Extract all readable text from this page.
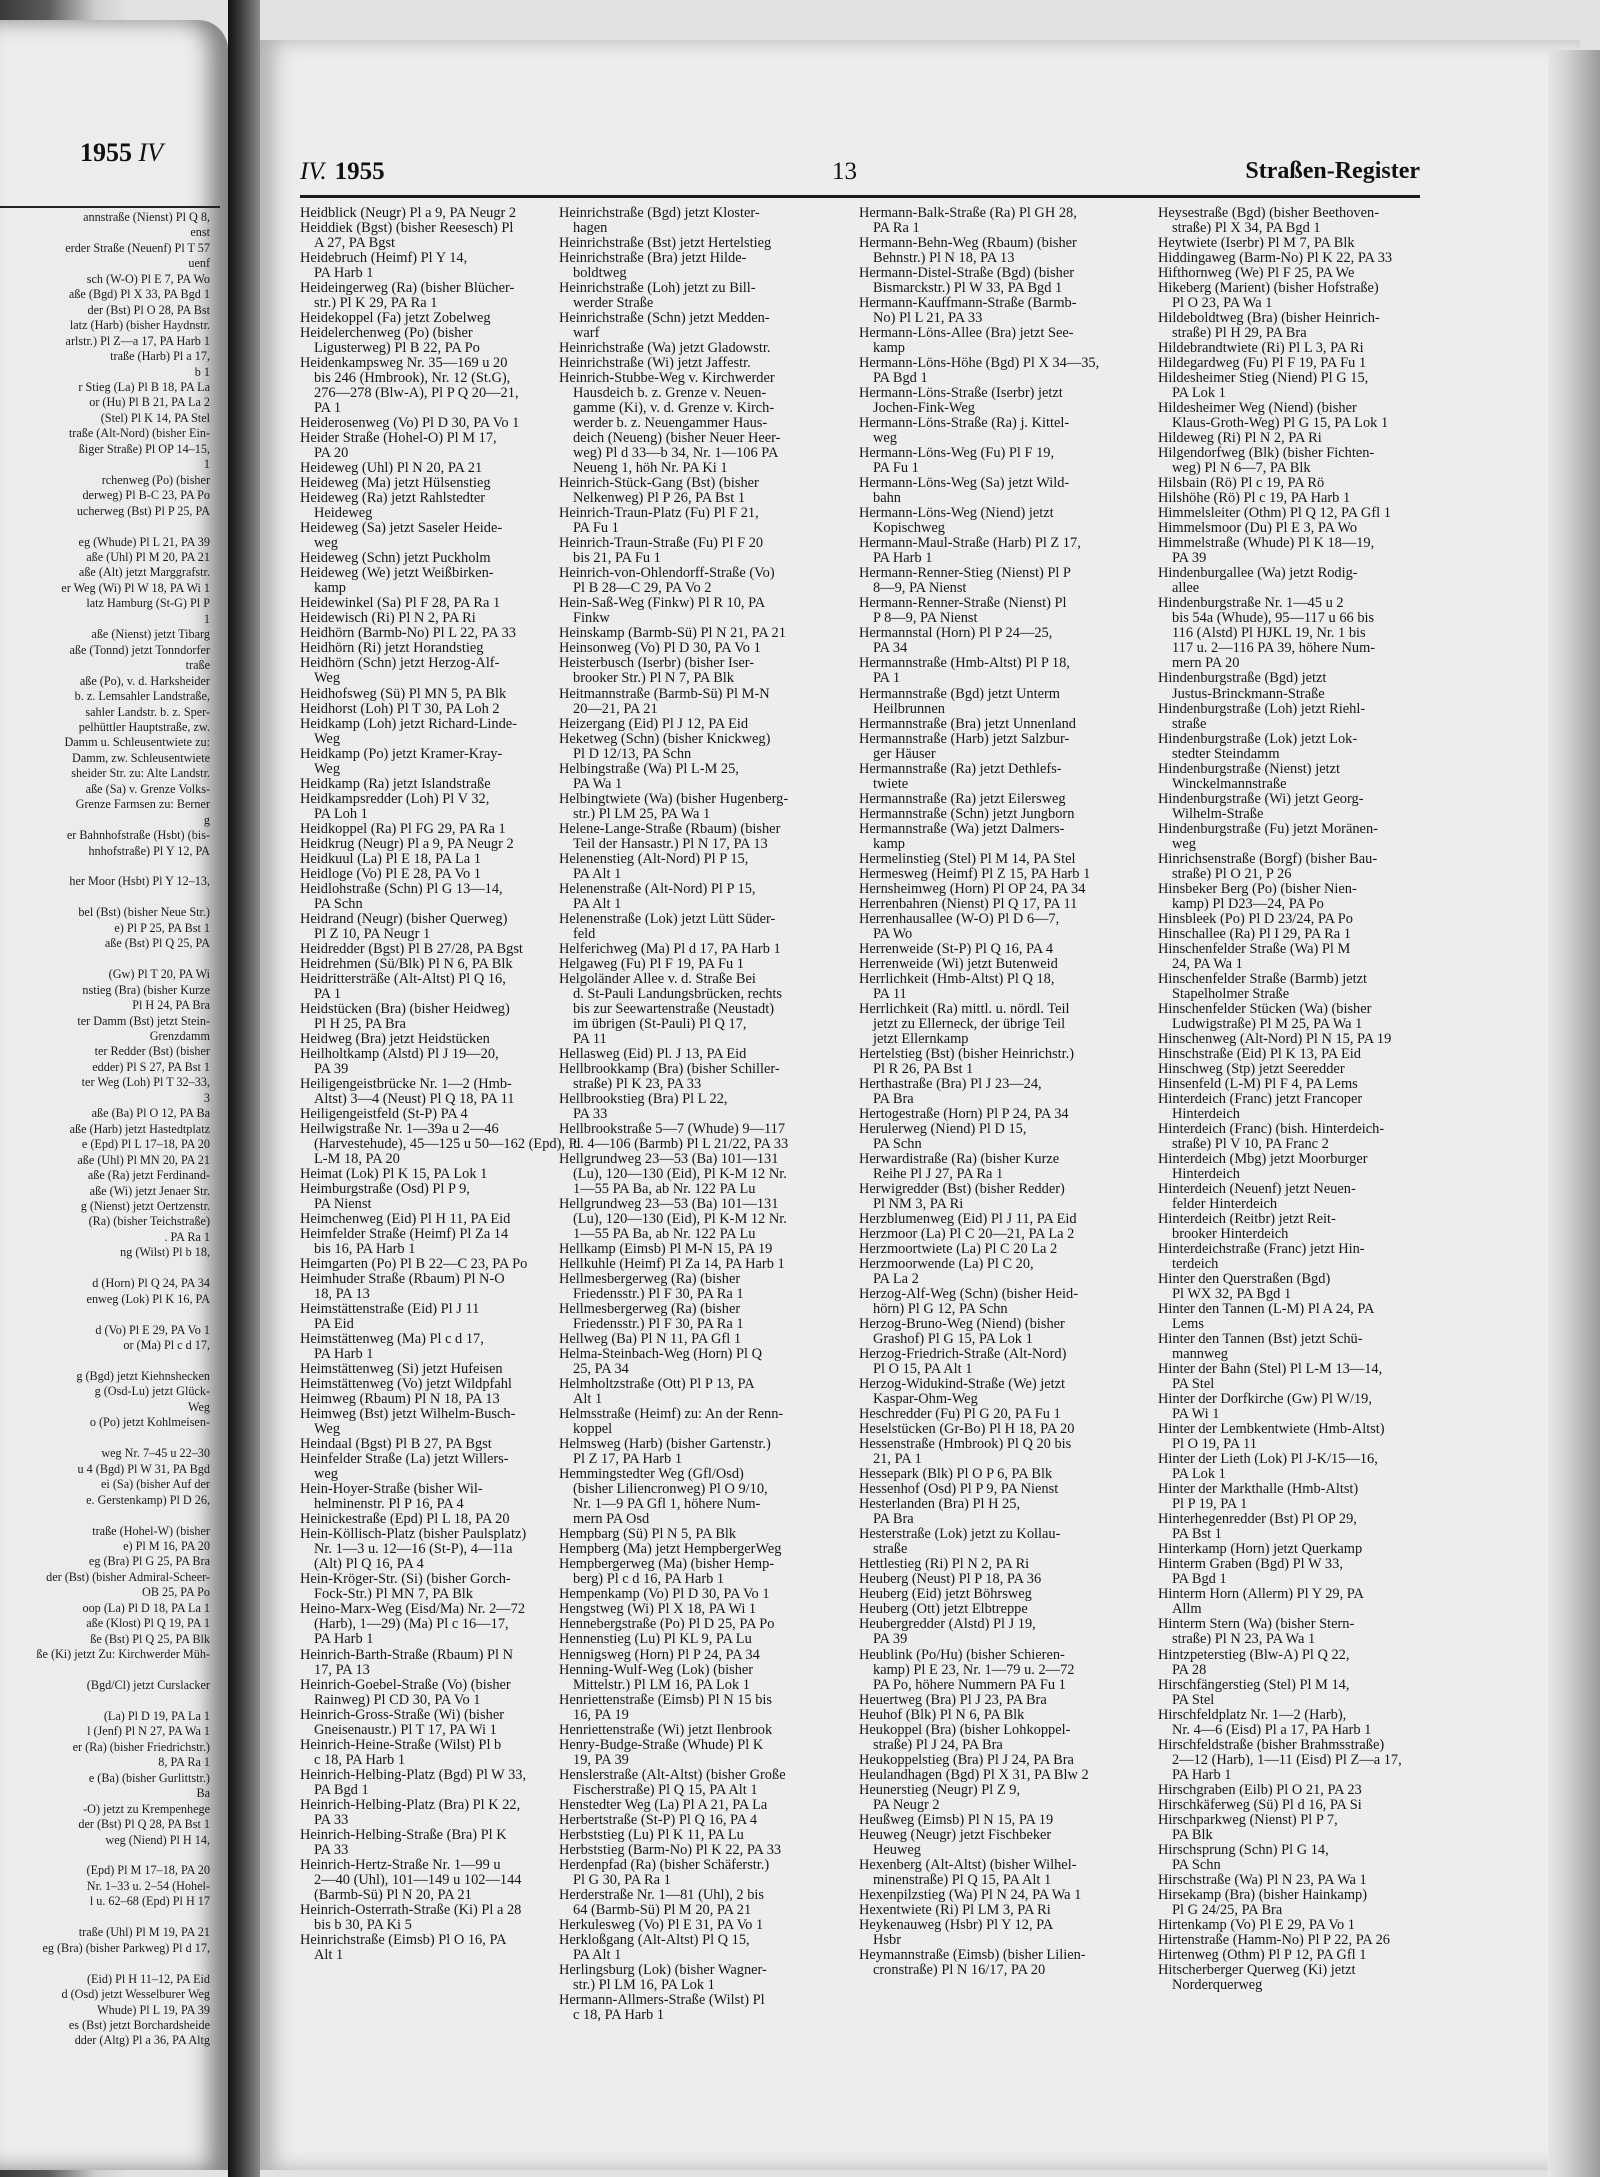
1955 IV
annstraße (Nienst) Pl Q 8,
enst
erder Straße (Neuenf) Pl T 57
uenf
sch (W-O) Pl E 7, PA Wo
aße (Bgd) Pl X 33, PA Bgd 1
der (Bst) Pl O 28, PA Bst
latz (Harb) (bisher Haydnstr.
arlstr.) Pl Z—a 17, PA Harb 1
traße (Harb) Pl a 17,
b 1
r Stieg (La) Pl B 18, PA La
or (Hu) Pl B 21, PA La 2
(Stel) Pl K 14, PA Stel
traße (Alt-Nord) (bisher Ein-
ßiger Straße) Pl OP 14–15,
1
rchenweg (Po) (bisher
derweg) Pl B-C 23, PA Po
ucherweg (Bst) Pl P 25, PA

eg (Whude) Pl L 21, PA 39
aße (Uhl) Pl M 20, PA 21
aße (Alt) jetzt Marggrafstr.
er Weg (Wi) Pl W 18, PA Wi 1
latz Hamburg (St-G) Pl P
1
aße (Nienst) jetzt Tibarg
aße (Tonnd) jetzt Tonndorfer
traße
aße (Po), v. d. Harksheider
b. z. Lemsahler Landstraße,
sahler Landstr. b. z. Sper-
pelhüttler Hauptstraße, zw.
Damm u. Schleusentwiete zu:
Damm, zw. Schleusentwiete
sheider Str. zu: Alte Landstr.
aße (Sa) v. Grenze Volks-
Grenze Farmsen zu: Berner
g
er Bahnhofstraße (Hsbt) (bis-
hnhofstraße) Pl Y 12, PA

her Moor (Hsbt) Pl Y 12–13,

bel (Bst) (bisher Neue Str.)
e) Pl P 25, PA Bst 1
aße (Bst) Pl Q 25, PA

(Gw) Pl T 20, PA Wi
nstieg (Bra) (bisher Kurze
Pl H 24, PA Bra
ter Damm (Bst) jetzt Stein-
Grenzdamm
ter Redder (Bst) (bisher
edder) Pl S 27, PA Bst 1
ter Weg (Loh) Pl T 32–33,
3
aße (Ba) Pl O 12, PA Ba
aße (Harb) jetzt Hastedtplatz
e (Epd) Pl L 17–18, PA 20
aße (Uhl) Pl MN 20, PA 21
aße (Ra) jetzt Ferdinand-
aße (Wi) jetzt Jenaer Str.
g (Nienst) jetzt Oertzenstr.
(Ra) (bisher Teichstraße)
. PA Ra 1
ng (Wilst) Pl b 18,

d (Horn) Pl Q 24, PA 34
enweg (Lok) Pl K 16, PA

d (Vo) Pl E 29, PA Vo 1
or (Ma) Pl c d 17,

g (Bgd) jetzt Kiehnshecken
g (Osd-Lu) jetzt Glück-
Weg
o (Po) jetzt Kohlmeisen-

weg Nr. 7–45 u 22–30
u 4 (Bgd) Pl W 31, PA Bgd
ei (Sa) (bisher Auf der
e. Gerstenkamp) Pl D 26,

traße (Hohel-W) (bisher
e) Pl M 16, PA 20
eg (Bra) Pl G 25, PA Bra
der (Bst) (bisher Admiral-Scheer-
OB 25, PA Po
oop (La) Pl D 18, PA La 1
aße (Klost) Pl Q 19, PA 1
ße (Bst) Pl Q 25, PA Blk
ße (Ki) jetzt Zu: Kirchwerder Müh-

(Bgd/Cl) jetzt Curslacker

(La) Pl D 19, PA La 1
l (Jenf) Pl N 27, PA Wa 1
er (Ra) (bisher Friedrichstr.)
8, PA Ra 1
e (Ba) (bisher Gurlittstr.)
Ba
-O) jetzt zu Krempenhege
der (Bst) Pl Q 28, PA Bst 1
weg (Niend) Pl H 14,

(Epd) Pl M 17–18, PA 20
Nr. 1–33 u. 2–54 (Hohel-
l u. 62–68 (Epd) Pl H 17

traße (Uhl) Pl M 19, PA 21
eg (Bra) (bisher Parkweg) Pl d 17,

(Eid) Pl H 11–12, PA Eid
d (Osd) jetzt Wesselburer Weg
Whude) Pl L 19, PA 39
es (Bst) jetzt Borchardsheide
dder (Altg) Pl a 36, PA Altg
IV. 1955	13	Straßen-Register
Heidblick (Neugr) Pl a 9, PA Neugr 2
Heiddiek (Bgst) (bisher Reesesch) Pl
A 27, PA Bgst
Heidebruch (Heimf) Pl Y 14,
PA Harb 1
Heideingerweg (Ra) (bisher Blücher-
str.) Pl K 29, PA Ra 1
Heidekoppel (Fa) jetzt Zobelweg
Heidelerchenweg (Po) (bisher
Ligusterweg) Pl B 22, PA Po
Heidenkampsweg Nr. 35—169 u 20
bis 246 (Hmbrook), Nr. 12 (St.G),
276—278 (Blw-A), Pl P Q 20—21,
PA 1
Heiderosenweg (Vo) Pl D 30, PA Vo 1
Heider Straße (Hohel-O) Pl M 17,
PA 20
Heideweg (Uhl) Pl N 20, PA 21
Heideweg (Ma) jetzt Hülsenstieg
Heideweg (Ra) jetzt Rahlstedter
Heideweg
Heideweg (Sa) jetzt Saseler Heide-
weg
Heideweg (Schn) jetzt Puckholm
Heideweg (We) jetzt Weißbirken-
kamp
Heidewinkel (Sa) Pl F 28, PA Ra 1
Heidewisch (Ri) Pl N 2, PA Ri
Heidhörn (Barmb-No) Pl L 22, PA 33
Heidhörn (Ri) jetzt Horandstieg
Heidhörn (Schn) jetzt Herzog-Alf-
Weg
Heidhofsweg (Sü) Pl MN 5, PA Blk
Heidhorst (Loh) Pl T 30, PA Loh 2
Heidkamp (Loh) jetzt Richard-Linde-
Weg
Heidkamp (Po) jetzt Kramer-Kray-
Weg
Heidkamp (Ra) jetzt Islandstraße
Heidkampsredder (Loh) Pl V 32,
PA Loh 1
Heidkoppel (Ra) Pl FG 29, PA Ra 1
Heidkrug (Neugr) Pl a 9, PA Neugr 2
Heidkuul (La) Pl E 18, PA La 1
Heidloge (Vo) Pl E 28, PA Vo 1
Heidlohstraße (Schn) Pl G 13—14,
PA Schn
Heidrand (Neugr) (bisher Querweg)
Pl Z 10, PA Neugr 1
Heidredder (Bgst) Pl B 27/28, PA Bgst
Heidrehmen (Sü/Blk) Pl N 6, PA Blk
Heidrittersträße (Alt-Altst) Pl Q 16,
PA 1
Heidstücken (Bra) (bisher Heidweg)
Pl H 25, PA Bra
Heidweg (Bra) jetzt Heidstücken
Heilholtkamp (Alstd) Pl J 19—20,
PA 39
Heiligengeistbrücke Nr. 1—2 (Hmb-
Altst) 3—4 (Neust) Pl Q 18, PA 11
Heiligengeistfeld (St-P) PA 4
Heilwigstraße Nr. 1—39a u 2—46
(Harvestehude), 45—125 u 50—162 (Epd), Pl
L-M 18, PA 20
Heimat (Lok) Pl K 15, PA Lok 1
Heimburgstraße (Osd) Pl P 9,
PA Nienst
Heimchenweg (Eid) Pl H 11, PA Eid
Heimfelder Straße (Heimf) Pl Za 14
bis 16, PA Harb 1
Heimgarten (Po) Pl B 22—C 23, PA Po
Heimhuder Straße (Rbaum) Pl N-O
18, PA 13
Heimstättenstraße (Eid) Pl J 11
PA Eid
Heimstättenweg (Ma) Pl c d 17,
PA Harb 1
Heimstättenweg (Si) jetzt Hufeisen
Heimstättenweg (Vo) jetzt Wildpfahl
Heimweg (Rbaum) Pl N 18, PA 13
Heimweg (Bst) jetzt Wilhelm-Busch-
Weg
Heindaal (Bgst) Pl B 27, PA Bgst
Heinfelder Straße (La) jetzt Willers-
weg
Hein-Hoyer-Straße (bisher Wil-
helminenstr. Pl P 16, PA 4
Heinickestraße (Epd) Pl L 18, PA 20
Hein-Köllisch-Platz (bisher Paulsplatz)
Nr. 1—3 u. 12—16 (St-P), 4—11a
(Alt) Pl Q 16, PA 4
Hein-Kröger-Str. (Si) (bisher Gorch-
Fock-Str.) Pl MN 7, PA Blk
Heino-Marx-Weg (Eisd/Ma) Nr. 2—72
(Harb), 1—29) (Ma) Pl c 16—17,
PA Harb 1
Heinrich-Barth-Straße (Rbaum) Pl N
17, PA 13
Heinrich-Goebel-Straße (Vo) (bisher
Rainweg) Pl CD 30, PA Vo 1
Heinrich-Gross-Straße (Wi) (bisher
Gneisenaustr.) Pl T 17, PA Wi 1
Heinrich-Heine-Straße (Wilst) Pl b
c 18, PA Harb 1
Heinrich-Helbing-Platz (Bgd) Pl W 33,
PA Bgd 1
Heinrich-Helbing-Platz (Bra) Pl K 22,
PA 33
Heinrich-Helbing-Straße (Bra) Pl K
PA 33
Heinrich-Hertz-Straße Nr. 1—99 u
2—40 (Uhl), 101—149 u 102—144
(Barmb-Sü) Pl N 20, PA 21
Heinrich-Osterrath-Straße (Ki) Pl a 28
bis b 30, PA Ki 5
Heinrichstraße (Eimsb) Pl O 16, PA
Alt 1
Heinrichstraße (Bgd) jetzt Kloster-
hagen
Heinrichstraße (Bst) jetzt Hertelstieg
Heinrichstraße (Bra) jetzt Hilde-
boldtweg
Heinrichstraße (Loh) jetzt zu Bill-
werder Straße
Heinrichstraße (Schn) jetzt Medden-
warf
Heinrichstraße (Wa) jetzt Gladowstr.
Heinrichstraße (Wi) jetzt Jaffestr.
Heinrich-Stubbe-Weg v. Kirchwerder
Hausdeich b. z. Grenze v. Neuen-
gamme (Ki), v. d. Grenze v. Kirch-
werder b. z. Neuengammer Haus-
deich (Neueng) (bisher Neuer Heer-
weg) Pl d 33—b 34, Nr. 1—106 PA
Neueng 1, höh Nr. PA Ki 1
Heinrich-Stück-Gang (Bst) (bisher
Nelkenweg) Pl P 26, PA Bst 1
Heinrich-Traun-Platz (Fu) Pl F 21,
PA Fu 1
Heinrich-Traun-Straße (Fu) Pl F 20
bis 21, PA Fu 1
Heinrich-von-Ohlendorff-Straße (Vo)
Pl B 28—C 29, PA Vo 2
Hein-Saß-Weg (Finkw) Pl R 10, PA
Finkw
Heinskamp (Barmb-Sü) Pl N 21, PA 21
Heinsonweg (Vo) Pl D 30, PA Vo 1
Heisterbusch (Iserbr) (bisher Iser-
brooker Str.) Pl N 7, PA Blk
Heitmannstraße (Barmb-Sü) Pl M-N
20—21, PA 21
Heizergang (Eid) Pl J 12, PA Eid
Heketweg (Schn) (bisher Knickweg)
Pl D 12/13, PA Schn
Helbingstraße (Wa) Pl L-M 25,
PA Wa 1
Helbingtwiete (Wa) (bisher Hugenberg-
str.) Pl LM 25, PA Wa 1
Helene-Lange-Straße (Rbaum) (bisher
Teil der Hansastr.) Pl N 17, PA 13
Helenenstieg (Alt-Nord) Pl P 15,
PA Alt 1
Helenenstraße (Alt-Nord) Pl P 15,
PA Alt 1
Helenenstraße (Lok) jetzt Lütt Süder-
feld
Helferichweg (Ma) Pl d 17, PA Harb 1
Helgaweg (Fu) Pl F 19, PA Fu 1
Helgoländer Allee v. d. Straße Bei
d. St-Pauli Landungsbrücken, rechts
bis zur Seewartenstraße (Neustadt)
im übrigen (St-Pauli) Pl Q 17,
PA 11
Hellasweg (Eid) Pl. J 13, PA Eid
Hellbrookkamp (Bra) (bisher Schiller-
straße) Pl K 23, PA 33
Hellbrookstieg (Bra) Pl L 22,
PA 33
Hellbrookstraße 5—7 (Whude) 9—117
u. 4—106 (Barmb) Pl L 21/22, PA 33
Hellgrundweg 23—53 (Ba) 101—131
(Lu), 120—130 (Eid), Pl K-M 12 Nr.
1—55 PA Ba, ab Nr. 122 PA Lu
Hellgrundweg 23—53 (Ba) 101—131
(Lu), 120—130 (Eid), Pl K-M 12 Nr.
1—55 PA Ba, ab Nr. 122 PA Lu
Hellkamp (Eimsb) Pl M-N 15, PA 19
Hellkuhle (Heimf) Pl Za 14, PA Harb 1
Hellmesbergerweg (Ra) (bisher
Friedensstr.) Pl F 30, PA Ra 1
Hellmesbergerweg (Ra) (bisher
Friedensstr.) Pl F 30, PA Ra 1
Hellweg (Ba) Pl N 11, PA Gfl 1
Helma-Steinbach-Weg (Horn) Pl Q
25, PA 34
Helmholtzstraße (Ott) Pl P 13, PA
Alt 1
Helmsstraße (Heimf) zu: An der Renn-
koppel
Helmsweg (Harb) (bisher Gartenstr.)
Pl Z 17, PA Harb 1
Hemmingstedter Weg (Gfl/Osd)
(bisher Liliencronweg) Pl O 9/10,
Nr. 1—9 PA Gfl 1, höhere Num-
mern PA Osd
Hempbarg (Sü) Pl N 5, PA Blk
Hempberg (Ma) jetzt HempbergerWeg
Hempbergerweg (Ma) (bisher Hemp-
berg) Pl c d 16, PA Harb 1
Hempenkamp (Vo) Pl D 30, PA Vo 1
Hengstweg (Wi) Pl X 18, PA Wi 1
Hennebergstraße (Po) Pl D 25, PA Po
Hennenstieg (Lu) Pl KL 9, PA Lu
Hennigsweg (Horn) Pl P 24, PA 34
Henning-Wulf-Weg (Lok) (bisher
Mittelstr.) Pl LM 16, PA Lok 1
Henriettenstraße (Eimsb) Pl N 15 bis
16, PA 19
Henriettenstraße (Wi) jetzt Ilenbrook
Henry-Budge-Straße (Whude) Pl K
19, PA 39
Henslerstraße (Alt-Altst) (bisher Große
Fischerstraße) Pl Q 15, PA Alt 1
Henstedter Weg (La) Pl A 21, PA La
Herbertstraße (St-P) Pl Q 16, PA 4
Herbststieg (Lu) Pl K 11, PA Lu
Herbststieg (Barm-No) Pl K 22, PA 33
Herdenpfad (Ra) (bisher Schäferstr.)
Pl G 30, PA Ra 1
Herderstraße Nr. 1—81 (Uhl), 2 bis
64 (Barmb-Sü) Pl M 20, PA 21
Herkulesweg (Vo) Pl E 31, PA Vo 1
Herkloßgang (Alt-Altst) Pl Q 15,
PA Alt 1
Herlingsburg (Lok) (bisher Wagner-
str.) Pl LM 16, PA Lok 1
Hermann-Allmers-Straße (Wilst) Pl
c 18, PA Harb 1
Hermann-Balk-Straße (Ra) Pl GH 28,
PA Ra 1
Hermann-Behn-Weg (Rbaum) (bisher
Behnstr.) Pl N 18, PA 13
Hermann-Distel-Straße (Bgd) (bisher
Bismarckstr.) Pl W 33, PA Bgd 1
Hermann-Kauffmann-Straße (Barmb-
No) Pl L 21, PA 33
Hermann-Löns-Allee (Bra) jetzt See-
kamp
Hermann-Löns-Höhe (Bgd) Pl X 34—35,
PA Bgd 1
Hermann-Löns-Straße (Iserbr) jetzt
Jochen-Fink-Weg
Hermann-Löns-Straße (Ra) j. Kittel-
weg
Hermann-Löns-Weg (Fu) Pl F 19,
PA Fu 1
Hermann-Löns-Weg (Sa) jetzt Wild-
bahn
Hermann-Löns-Weg (Niend) jetzt
Kopischweg
Hermann-Maul-Straße (Harb) Pl Z 17,
PA Harb 1
Hermann-Renner-Stieg (Nienst) Pl P
8—9, PA Nienst
Hermann-Renner-Straße (Nienst) Pl
P 8—9, PA Nienst
Hermannstal (Horn) Pl P 24—25,
PA 34
Hermannstraße (Hmb-Altst) Pl P 18,
PA 1
Hermannstraße (Bgd) jetzt Unterm
Heilbrunnen
Hermannstraße (Bra) jetzt Unnenland
Hermannstraße (Harb) jetzt Salzbur-
ger Häuser
Hermannstraße (Ra) jetzt Dethlefs-
twiete
Hermannstraße (Ra) jetzt Eilersweg
Hermannstraße (Schn) jetzt Jungborn
Hermannstraße (Wa) jetzt Dalmers-
kamp
Hermelinstieg (Stel) Pl M 14, PA Stel
Hermesweg (Heimf) Pl Z 15, PA Harb 1
Hernsheimweg (Horn) Pl OP 24, PA 34
Herrenbahren (Nienst) Pl Q 17, PA 11
Herrenhausallee (W-O) Pl D 6—7,
PA Wo
Herrenweide (St-P) Pl Q 16, PA 4
Herrenweide (Wi) jetzt Butenweid
Herrlichkeit (Hmb-Altst) Pl Q 18,
PA 11
Herrlichkeit (Ra) mittl. u. nördl. Teil
jetzt zu Ellerneck, der übrige Teil
jetzt Ellernkamp
Hertelstieg (Bst) (bisher Heinrichstr.)
Pl R 26, PA Bst 1
Herthastraße (Bra) Pl J 23—24,
PA Bra
Hertogestraße (Horn) Pl P 24, PA 34
Herulerweg (Niend) Pl D 15,
PA Schn
Herwardistraße (Ra) (bisher Kurze
Reihe Pl J 27, PA Ra 1
Herwigredder (Bst) (bisher Redder)
Pl NM 3, PA Ri
Herzblumenweg (Eid) Pl J 11, PA Eid
Herzmoor (La) Pl C 20—21, PA La 2
Herzmoortwiete (La) Pl C 20 La 2
Herzmoorwende (La) Pl C 20,
PA La 2
Herzog-Alf-Weg (Schn) (bisher Heid-
hörn) Pl G 12, PA Schn
Herzog-Bruno-Weg (Niend) (bisher
Grashof) Pl G 15, PA Lok 1
Herzog-Friedrich-Straße (Alt-Nord)
Pl O 15, PA Alt 1
Herzog-Widukind-Straße (We) jetzt
Kaspar-Ohm-Weg
Heschredder (Fu) Pl G 20, PA Fu 1
Heselstücken (Gr-Bo) Pl H 18, PA 20
Hessenstraße (Hmbrook) Pl Q 20 bis
21, PA 1
Hessepark (Blk) Pl O P 6, PA Blk
Hessenhof (Osd) Pl P 9, PA Nienst
Hesterlanden (Bra) Pl H 25,
PA Bra
Hesterstraße (Lok) jetzt zu Kollau-
straße
Hettlestieg (Ri) Pl N 2, PA Ri
Heuberg (Neust) Pl P 18, PA 36
Heuberg (Eid) jetzt Böhrsweg
Heuberg (Ott) jetzt Elbtreppe
Heubergredder (Alstd) Pl J 19,
PA 39
Heublink (Po/Hu) (bisher Schieren-
kamp) Pl E 23, Nr. 1—79 u. 2—72
PA Po, höhere Nummern PA Fu 1
Heuertweg (Bra) Pl J 23, PA Bra
Heuhof (Blk) Pl N 6, PA Blk
Heukoppel (Bra) (bisher Lohkoppel-
straße) Pl J 24, PA Bra
Heukoppelstieg (Bra) Pl J 24, PA Bra
Heulandhagen (Bgd) Pl X 31, PA Blw 2
Heunerstieg (Neugr) Pl Z 9,
PA Neugr 2
Heußweg (Eimsb) Pl N 15, PA 19
Heuweg (Neugr) jetzt Fischbeker
Heuweg
Hexenberg (Alt-Altst) (bisher Wilhel-
minenstraße) Pl Q 15, PA Alt 1
Hexenpilzstieg (Wa) Pl N 24, PA Wa 1
Hexentwiete (Ri) Pl LM 3, PA Ri
Heykenauweg (Hsbr) Pl Y 12, PA
Hsbr
Heymannstraße (Eimsb) (bisher Lilien-
cronstraße) Pl N 16/17, PA 20
Heysestraße (Bgd) (bisher Beethoven-
straße) Pl X 34, PA Bgd 1
Heytwiete (Iserbr) Pl M 7, PA Blk
Hiddingaweg (Barm-No) Pl K 22, PA 33
Hifthornweg (We) Pl F 25, PA We
Hikeberg (Marient) (bisher Hofstraße)
Pl O 23, PA Wa 1
Hildeboldtweg (Bra) (bisher Heinrich-
straße) Pl H 29, PA Bra
Hildebrandtwiete (Ri) Pl L 3, PA Ri
Hildegardweg (Fu) Pl F 19, PA Fu 1
Hildesheimer Stieg (Niend) Pl G 15,
PA Lok 1
Hildesheimer Weg (Niend) (bisher
Klaus-Groth-Weg) Pl G 15, PA Lok 1
Hildeweg (Ri) Pl N 2, PA Ri
Hilgendorfweg (Blk) (bisher Fichten-
weg) Pl N 6—7, PA Blk
Hilsbain (Rö) Pl c 19, PA Rö
Hilshöhe (Rö) Pl c 19, PA Harb 1
Himmelsleiter (Othm) Pl Q 12, PA Gfl 1
Himmelsmoor (Du) Pl E 3, PA Wo
Himmelstraße (Whude) Pl K 18—19,
PA 39
Hindenburgallee (Wa) jetzt Rodig-
allee
Hindenburgstraße Nr. 1—45 u 2
bis 54a (Whude), 95—117 u 66 bis
116 (Alstd) Pl HJKL 19, Nr. 1 bis
117 u. 2—116 PA 39, höhere Num-
mern PA 20
Hindenburgstraße (Bgd) jetzt
Justus-Brinckmann-Straße
Hindenburgstraße (Loh) jetzt Riehl-
straße
Hindenburgstraße (Lok) jetzt Lok-
stedter Steindamm
Hindenburgstraße (Nienst) jetzt
Winckelmannstraße
Hindenburgstraße (Wi) jetzt Georg-
Wilhelm-Straße
Hindenburgstraße (Fu) jetzt Moränen-
weg
Hinrichsenstraße (Borgf) (bisher Bau-
straße) Pl O 21, P 26
Hinsbeker Berg (Po) (bisher Nien-
kamp) Pl D23—24, PA Po
Hinsbleek (Po) Pl D 23/24, PA Po
Hinschallee (Ra) Pl I 29, PA Ra 1
Hinschenfelder Straße (Wa) Pl M
24, PA Wa 1
Hinschenfelder Straße (Barmb) jetzt
Stapelholmer Straße
Hinschenfelder Stücken (Wa) (bisher
Ludwigstraße) Pl M 25, PA Wa 1
Hinschenweg (Alt-Nord) Pl N 15, PA 19
Hinschstraße (Eid) Pl K 13, PA Eid
Hinschweg (Stp) jetzt Seeredder
Hinsenfeld (L-M) Pl F 4, PA Lems
Hinterdeich (Franc) jetzt Francoper
Hinterdeich
Hinterdeich (Franc) (bish. Hinterdeich-
straße) Pl V 10, PA Franc 2
Hinterdeich (Mbg) jetzt Moorburger
Hinterdeich
Hinterdeich (Neuenf) jetzt Neuen-
felder Hinterdeich
Hinterdeich (Reitbr) jetzt Reit-
brooker Hinterdeich
Hinterdeichstraße (Franc) jetzt Hin-
terdeich
Hinter den Querstraßen (Bgd)
Pl WX 32, PA Bgd 1
Hinter den Tannen (L-M) Pl A 24, PA
Lems
Hinter den Tannen (Bst) jetzt Schü-
mannweg
Hinter der Bahn (Stel) Pl L-M 13—14,
PA Stel
Hinter der Dorfkirche (Gw) Pl W/19,
PA Wi 1
Hinter der Lembkentwiete (Hmb-Altst)
Pl O 19, PA 11
Hinter der Lieth (Lok) Pl J-K/15—16,
PA Lok 1
Hinter der Markthalle (Hmb-Altst)
Pl P 19, PA 1
Hinterhegenredder (Bst) Pl OP 29,
PA Bst 1
Hinterkamp (Horn) jetzt Querkamp
Hinterm Graben (Bgd) Pl W 33,
PA Bgd 1
Hinterm Horn (Allerm) Pl Y 29, PA
Allm
Hinterm Stern (Wa) (bisher Stern-
straße) Pl N 23, PA Wa 1
Hintzpeterstieg (Blw-A) Pl Q 22,
PA 28
Hirschfängerstieg (Stel) Pl M 14,
PA Stel
Hirschfeldplatz Nr. 1—2 (Harb),
Nr. 4—6 (Eisd) Pl a 17, PA Harb 1
Hirschfeldstraße (bisher Brahmsstraße)
2—12 (Harb), 1—11 (Eisd) Pl Z—a 17,
PA Harb 1
Hirschgraben (Eilb) Pl O 21, PA 23
Hirschkäferweg (Sü) Pl d 16, PA Si
Hirschparkweg (Nienst) Pl P 7,
PA Blk
Hirschsprung (Schn) Pl G 14,
PA Schn
Hirschstraße (Wa) Pl N 23, PA Wa 1
Hirsekamp (Bra) (bisher Hainkamp)
Pl G 24/25, PA Bra
Hirtenkamp (Vo) Pl E 29, PA Vo 1
Hirtenstraße (Hamm-No) Pl P 22, PA 26
Hirtenweg (Othm) Pl P 12, PA Gfl 1
Hitscherberger Querweg (Ki) jetzt
Norderquerweg
